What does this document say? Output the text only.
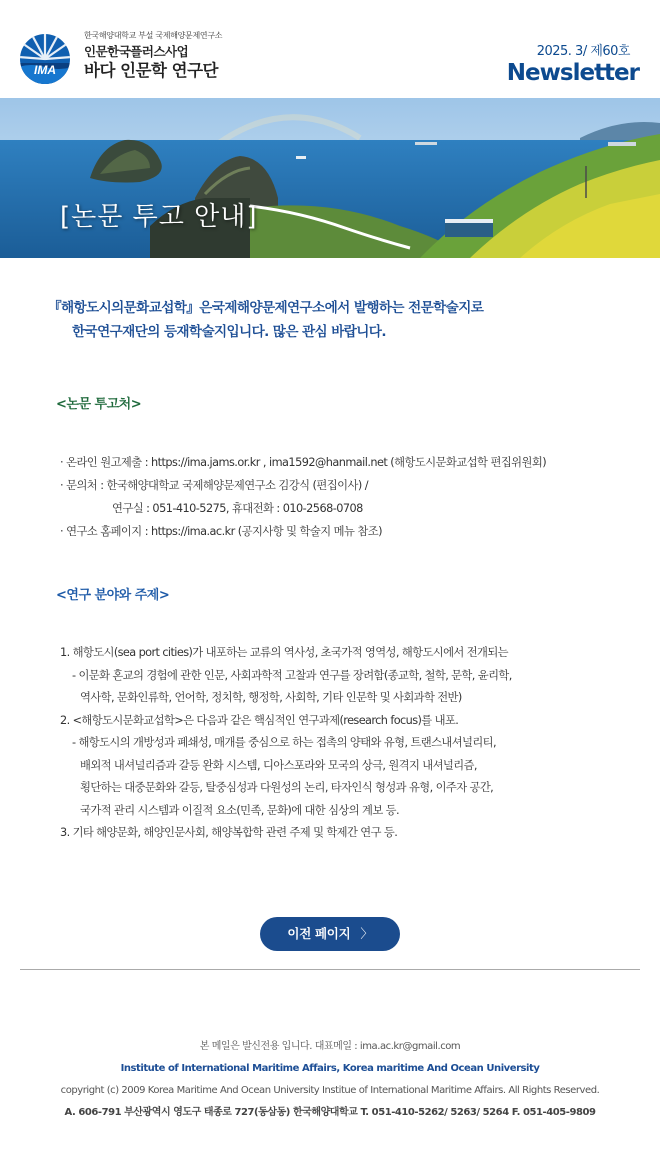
IMA
한국해양대학교 부설 국제해양문제연구소
인문한국플러스사업
바다 인문학 연구단
2025. 3/ 제60호
Newsletter
[논문 투고 안내]
『해항도시의문화교섭학』은국제해양문제연구소에서 발행하는 전문학술지로
한국연구재단의 등재학술지입니다. 많은 관심 바랍니다.
<논문 투고처>
· 온라인 원고제출 : https://ima.jams.or.kr , ima1592@hanmail.net (해항도시문화교섭학 편집위원회)
· 문의처 : 한국해양대학교 국제해양문제연구소 김강식 (편집이사) /
연구실 : 051-410-5275, 휴대전화 : 010-2568-0708
· 연구소 홈페이지 : https://ima.ac.kr (공지사항 및 학술지 메뉴 참조)
<연구 분야와 주제>
1. 해항도시(sea port cities)가 내포하는 교류의 역사성, 초국가적 영역성, 해항도시에서 전개되는
- 이문화 혼교의 경험에 관한 인문, 사회과학적 고찰과 연구를 장려함(종교학, 철학, 문학, 윤리학,
역사학, 문화인류학, 언어학, 정치학, 행정학, 사회학, 기타 인문학 및 사회과학 전반)
2. <해항도시문화교섭학>은 다음과 같은 핵심적인 연구과제(research focus)를 내포.
- 해항도시의 개방성과 폐쇄성, 매개를 중심으로 하는 접촉의 양태와 유형, 트랜스내셔널리티,
배외적 내셔널리즘과 갈등 완화 시스템, 디아스포라와 모국의 상극, 원격지 내셔널리즘,
횡단하는 대중문화와 갈등, 탈중심성과 다원성의 논리, 타자인식 형성과 유형, 이주자 공간,
국가적 관리 시스템과 이질적 요소(민족, 문화)에 대한 심상의 계보 등.
3. 기타 해양문화, 해양인문사회, 해양복합학 관련 주제 및 학제간 연구 등.
이전 페이지 〉
본 메일은 발신전용 입니다. 대표메일 : ima.ac.kr@gmail.com
Institute of International Maritime Affairs, Korea maritime And Ocean University
copyright (c) 2009 Korea Maritime And Ocean University Institue of International Maritime Affairs. All Rights Reserved.
A. 606-791 부산광역시 영도구 태종로 727(동삼동) 한국해양대학교 T. 051-410-5262/ 5263/ 5264 F. 051-405-9809
